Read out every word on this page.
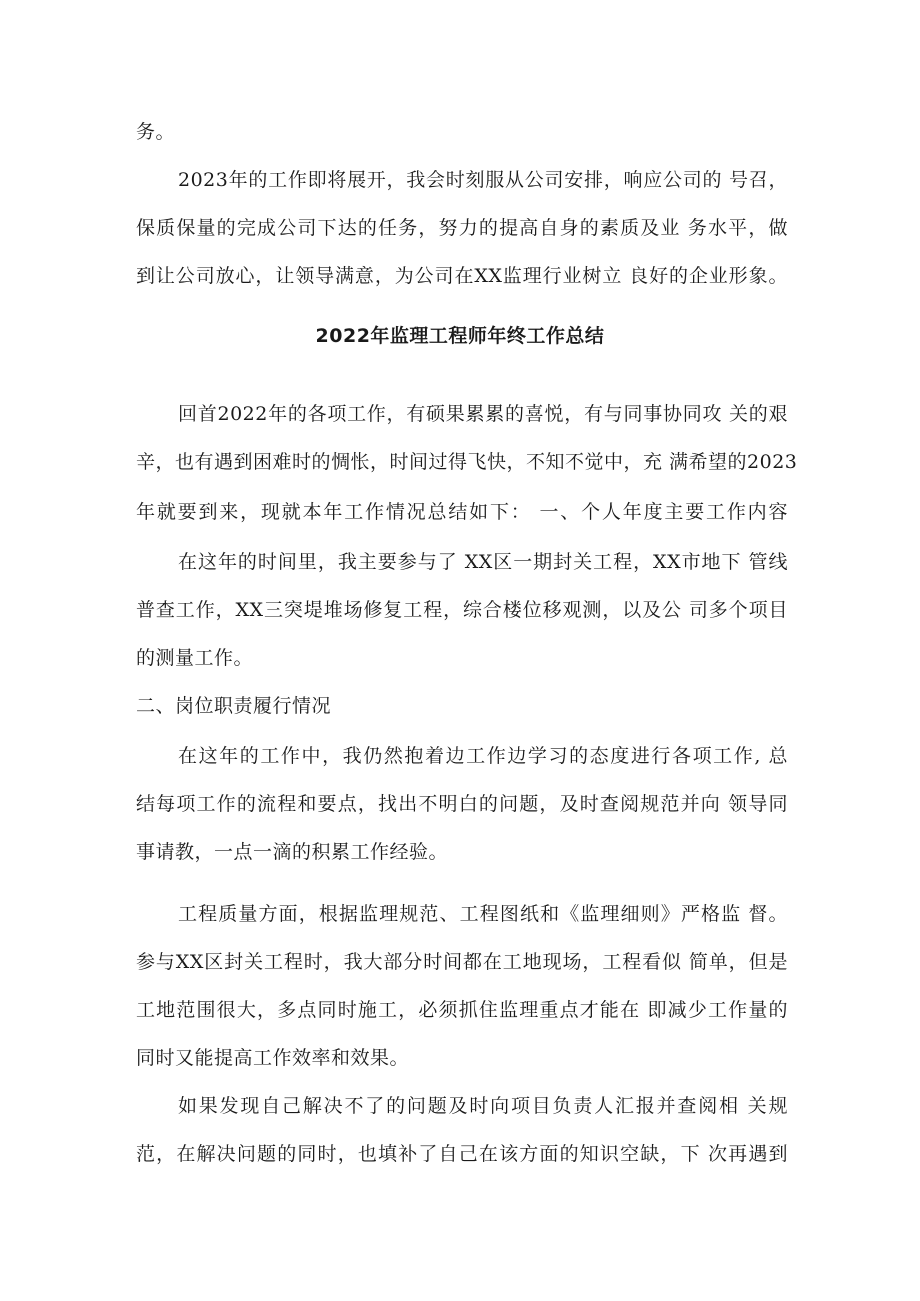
务。
2023年的工作即将展开，我会时刻服从公司安排，响应公司的 号召，
保质保量的完成公司下达的任务，努力的提高自身的素质及业 务水平，做
到让公司放心，让领导满意，为公司在XX监理行业树立 良好的企业形象。
2022年监理工程师年终工作总结
回首2022年的各项工作，有硕果累累的喜悦，有与同事协同攻 关的艰
辛，也有遇到困难时的惆怅，时间过得飞快，不知不觉中，充 满希望的2023
年就要到来，现就本年工作情况总结如下： 一、个人年度主要工作内容
在这年的时间里，我主要参与了 XX区一期封关工程，XX市地下 管线
普查工作，XX三突堤堆场修复工程，综合楼位移观测，以及公 司多个项目
的测量工作。
二、岗位职责履行情况
在这年的工作中，我仍然抱着边工作边学习的态度进行各项工作, 总
结每项工作的流程和要点，找出不明白的问题，及时查阅规范并向 领导同
事请教，一点一滴的积累工作经验。
工程质量方面，根据监理规范、工程图纸和《监理细则》严格监 督。
参与XX区封关工程时，我大部分时间都在工地现场，工程看似 简单，但是
工地范围很大，多点同时施工，必须抓住监理重点才能在 即减少工作量的
同时又能提高工作效率和效果。
如果发现自己解决不了的问题及时向项目负责人汇报并查阅相 关规
范，在解决问题的同时，也填补了自己在该方面的知识空缺，下 次再遇到
